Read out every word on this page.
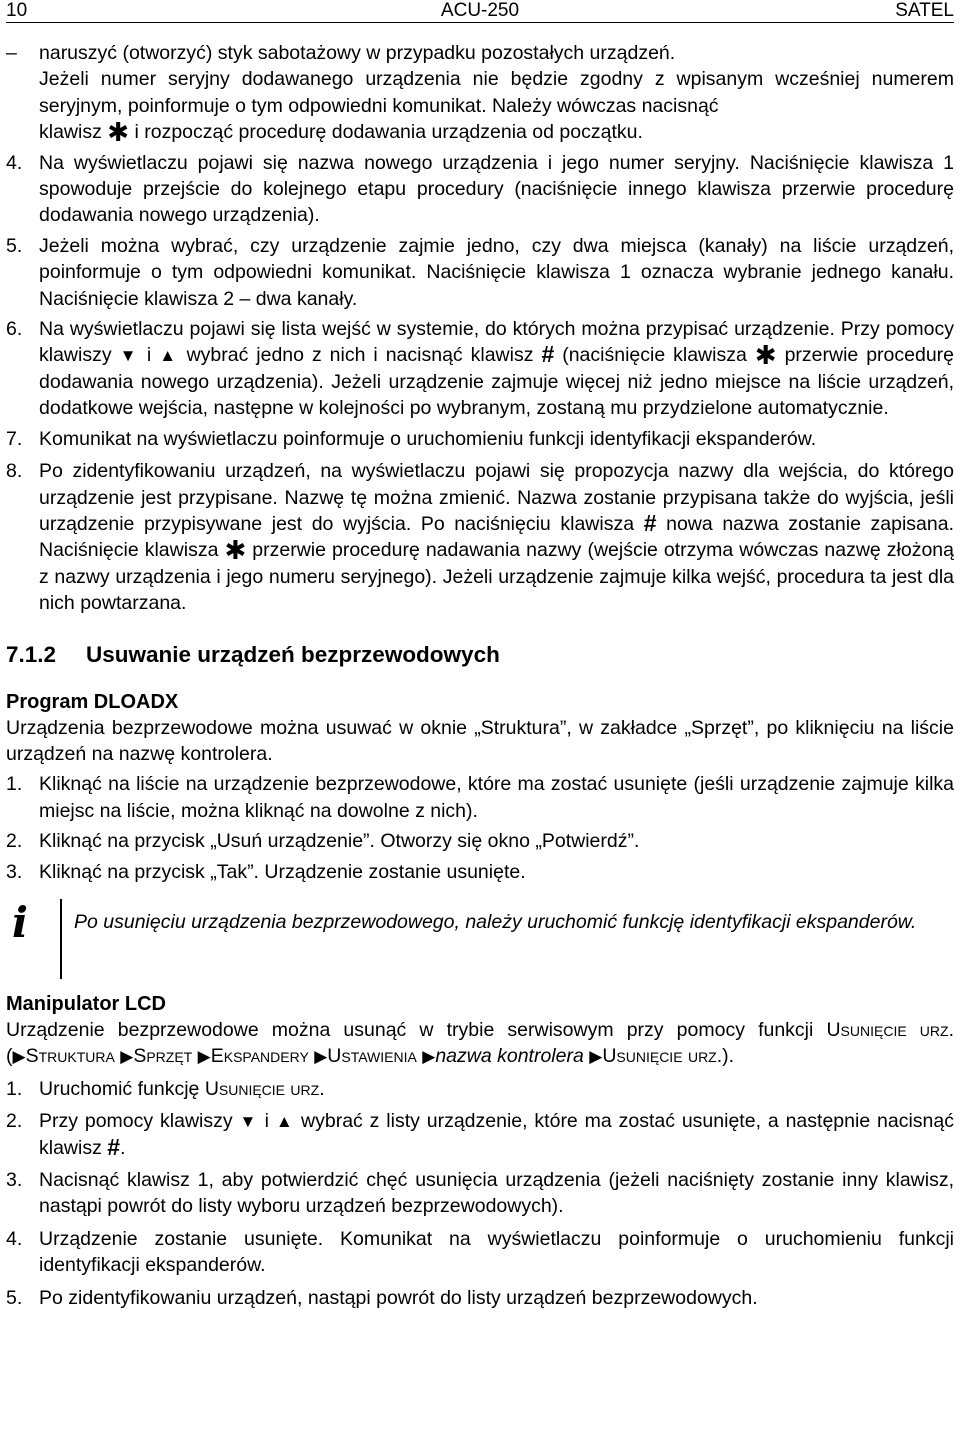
10	ACU-250	SATEL
–	naruszyć (otworzyć) styk sabotażowy w przypadku pozostałych urządzeń.
Jeżeli numer seryjny dodawanego urządzenia nie będzie zgodny z wpisanym wcześniej numerem seryjnym, poinformuje o tym odpowiedni komunikat. Należy wówczas nacisnąć
klawisz ✱ i rozpocząć procedurę dodawania urządzenia od początku.
4. Na wyświetlaczu pojawi się nazwa nowego urządzenia i jego numer seryjny. Naciśnięcie klawisza 1 spowoduje przejście do kolejnego etapu procedury (naciśnięcie innego klawisza przerwie procedurę dodawania nowego urządzenia).
5. Jeżeli można wybrać, czy urządzenie zajmie jedno, czy dwa miejsca (kanały) na liście urządzeń, poinformuje o tym odpowiedni komunikat. Naciśnięcie klawisza 1 oznacza wybranie jednego kanału. Naciśnięcie klawisza 2 – dwa kanały.
6. Na wyświetlaczu pojawi się lista wejść w systemie, do których można przypisać urządzenie. Przy pomocy klawiszy ▼ i ▲ wybrać jedno z nich i nacisnąć klawisz # (naciśnięcie klawisza ✱ przerwie procedurę dodawania nowego urządzenia). Jeżeli urządzenie zajmuje więcej niż jedno miejsce na liście urządzeń, dodatkowe wejścia, następne w kolejności po wybranym, zostaną mu przydzielone automatycznie.
7. Komunikat na wyświetlaczu poinformuje o uruchomieniu funkcji identyfikacji ekspanderów.
8. Po zidentyfikowaniu urządzeń, na wyświetlaczu pojawi się propozycja nazwy dla wejścia, do którego urządzenie jest przypisane. Nazwę tę można zmienić. Nazwa zostanie przypisana także do wyjścia, jeśli urządzenie przypisywane jest do wyjścia. Po naciśnięciu klawisza # nowa nazwa zostanie zapisana. Naciśnięcie klawisza ✱ przerwie procedurę nadawania nazwy (wejście otrzyma wówczas nazwę złożoną z nazwy urządzenia i jego numeru seryjnego). Jeżeli urządzenie zajmuje kilka wejść, procedura ta jest dla nich powtarzana.
7.1.2	Usuwanie urządzeń bezprzewodowych
Program DLOADX
Urządzenia bezprzewodowe można usuwać w oknie „Struktura”, w zakładce „Sprzęt”, po kliknięciu na liście urządzeń na nazwę kontrolera.
1. Kliknąć na liście na urządzenie bezprzewodowe, które ma zostać usunięte (jeśli urządzenie zajmuje kilka miejsc na liście, można kliknąć na dowolne z nich).
2. Kliknąć na przycisk „Usuń urządzenie”. Otworzy się okno „Potwierdź”.
3. Kliknąć na przycisk „Tak”. Urządzenie zostanie usunięte.
i	Po usunięciu urządzenia bezprzewodowego, należy uruchomić funkcję identyfikacji ekspanderów.
Manipulator LCD
Urządzenie bezprzewodowe można usunąć w trybie serwisowym przy pomocy funkcji Usunięcie urz. (▶Struktura ▶Sprzęt ▶Ekspandery ▶Ustawienia ▶nazwa kontrolera ▶Usunięcie urz.).
1. Uruchomić funkcję Usunięcie urz.
2. Przy pomocy klawiszy ▼ i ▲ wybrać z listy urządzenie, które ma zostać usunięte, a następnie nacisnąć klawisz #.
3. Nacisnąć klawisz 1, aby potwierdzić chęć usunięcia urządzenia (jeżeli naciśnięty zostanie inny klawisz, nastąpi powrót do listy wyboru urządzeń bezprzewodowych).
4. Urządzenie zostanie usunięte. Komunikat na wyświetlaczu poinformuje o uruchomieniu funkcji identyfikacji ekspanderów.
5. Po zidentyfikowaniu urządzeń, nastąpi powrót do listy urządzeń bezprzewodowych.
